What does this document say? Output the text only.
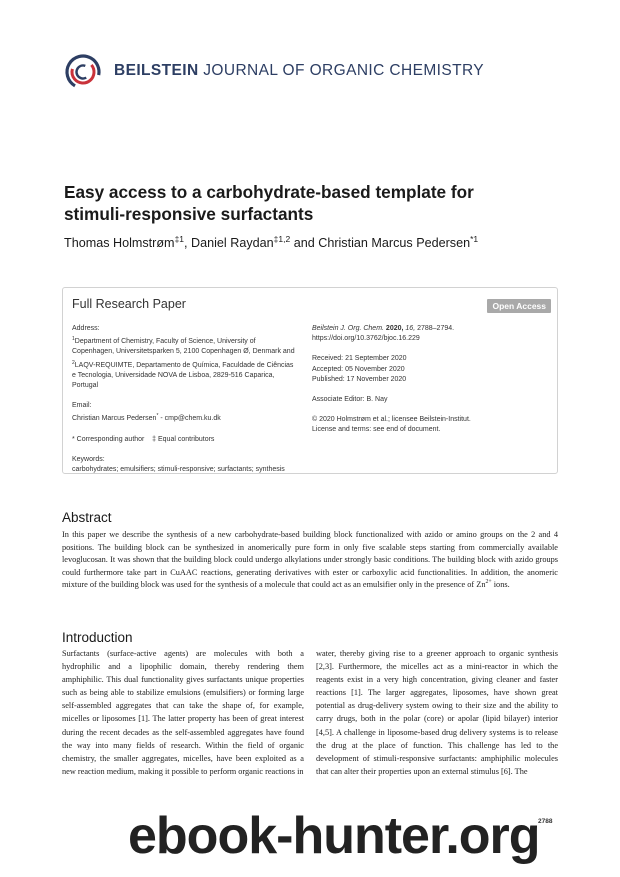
BEILSTEIN JOURNAL OF ORGANIC CHEMISTRY
Easy access to a carbohydrate-based template for stimuli-responsive surfactants
Thomas Holmstrøm$^{\ddagger 1}$, Daniel Raydan$^{\ddagger 1,2}$ and Christian Marcus Pedersen$^{*1}$
Full Research Paper	Open Access
Address:
$^1$Department of Chemistry, Faculty of Science, University of Copenhagen, Universitetsparken 5, 2100 Copenhagen Ø, Denmark and $^2$LAQV-REQUIMTE, Departamento de Química, Faculdade de Ciências e Tecnologia, Universidade NOVA de Lisboa, 2829-516 Caparica, Portugal
Email:
Christian Marcus Pedersen* - cmp@chem.ku.dk
* Corresponding author    ‡ Equal contributors
Keywords:
carbohydrates; emulsifiers; stimuli-responsive; surfactants; synthesis
Beilstein J. Org. Chem. 2020, 16, 2788–2794.
https://doi.org/10.3762/bjoc.16.229
Received: 21 September 2020
Accepted: 05 November 2020
Published: 17 November 2020
Associate Editor: B. Nay
© 2020 Holmstrøm et al.; licensee Beilstein-Institut.
License and terms: see end of document.
Abstract
In this paper we describe the synthesis of a new carbohydrate-based building block functionalized with azido or amino groups on the 2 and 4 positions. The building block can be synthesized in anomerically pure form in only five scalable steps starting from commercially available levoglucosan. It was shown that the building block could undergo alkylations under strongly basic conditions. The building block with azido groups could furthermore take part in CuAAC reactions, generating derivatives with ester or carboxylic acid functionalities. In addition, the anomeric mixture of the building block was used for the synthesis of a molecule that could act as an emulsifier only in the presence of $Zn^{2+}$ ions.
Introduction
Surfactants (surface-active agents) are molecules with both a hydrophilic and a lipophilic domain, thereby rendering them amphiphilic. This dual functionality gives surfactants unique properties such as being able to stabilize emulsions (emulsifiers) or forming large self-assembled aggregates that can take the shape of, for example, micelles or liposomes [1]. The latter property has been of great interest during the recent decades as the self-assembled aggregates have found the way into many fields of research. Within the field of organic chemistry, the smaller aggregates, micelles, have been exploited as a new reaction medium, making it possible to perform organic reactions in
water, thereby giving rise to a greener approach to organic synthesis [2,3]. Furthermore, the micelles act as a mini-reactor in which the reagents exist in a very high concentration, giving cleaner and faster reactions [1]. The larger aggregates, liposomes, have shown great potential as drug-delivery system owing to their size and the ability to carry drugs, both in the polar (core) or apolar (lipid bilayer) interior [4,5]. A challenge in liposome-based drug delivery systems is to release the drug at the place of function. This challenge has led to the development of stimuli-responsive surfactants: amphiphilic molecules that can alter their properties upon an external stimulus [6]. The
2788
ebook-hunter.org
